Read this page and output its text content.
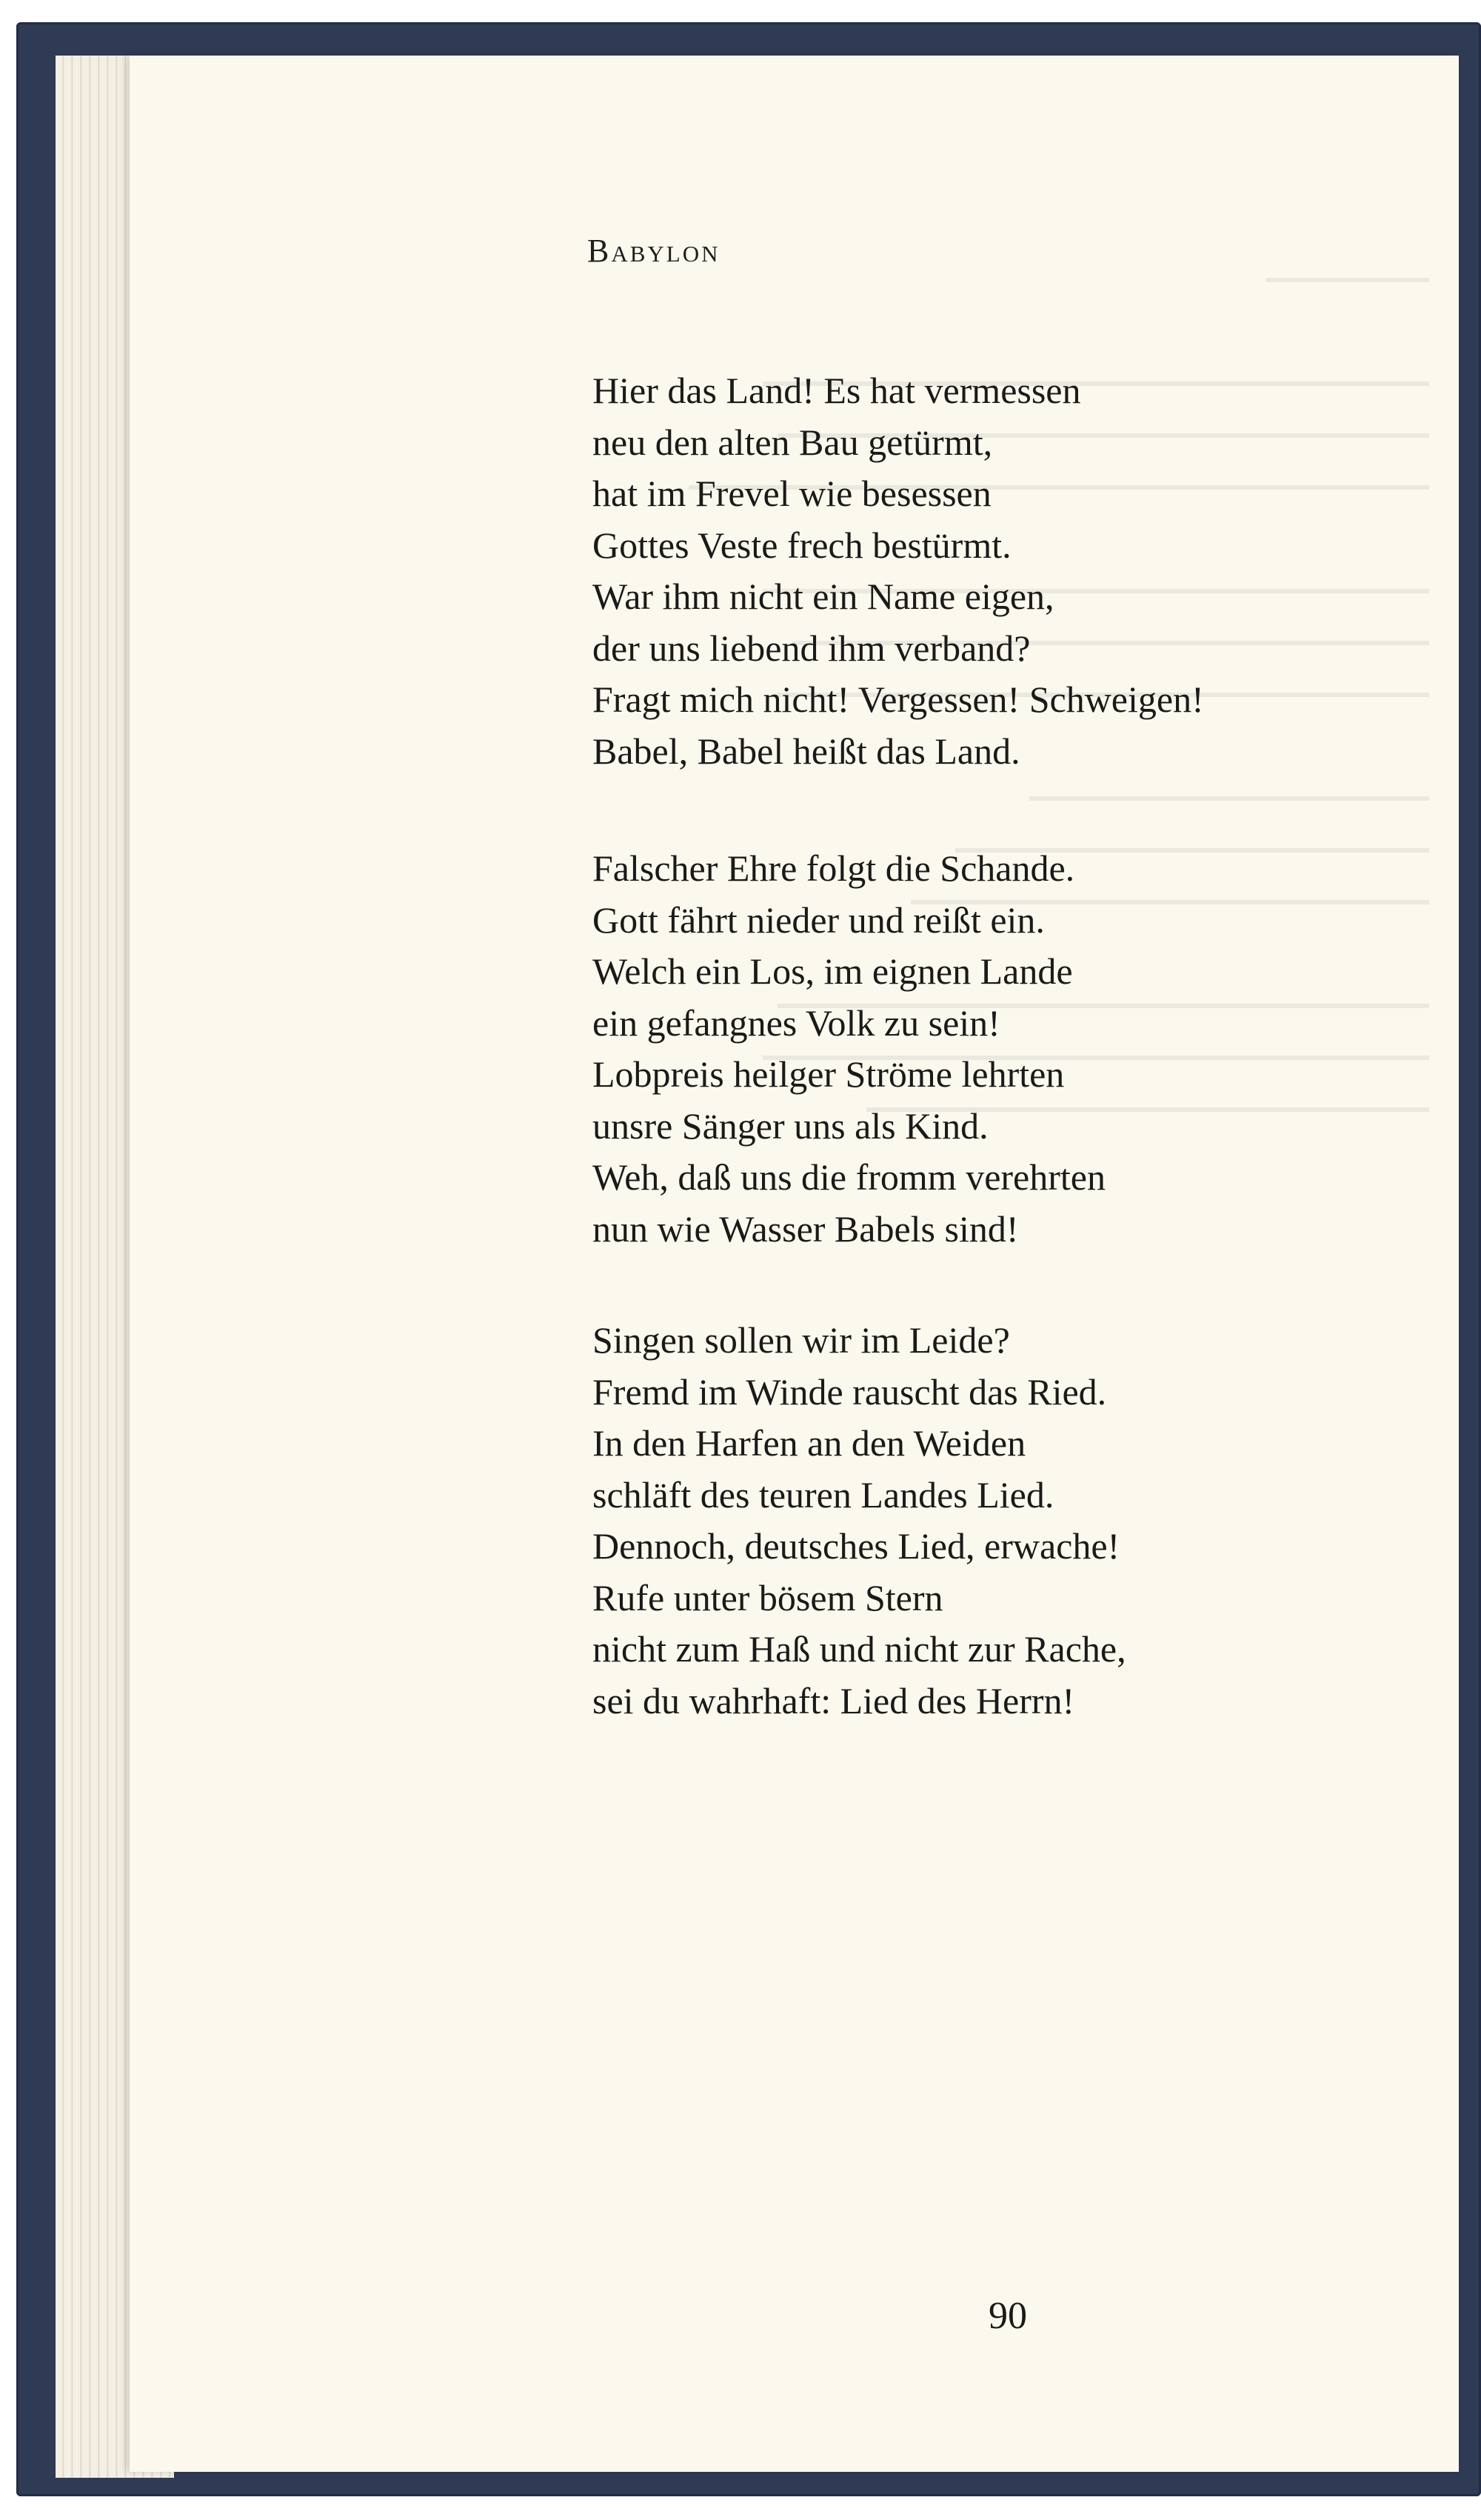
Babylon
Hier das Land! Es hat vermessen
neu den alten Bau getürmt,
hat im Frevel wie besessen
Gottes Veste frech bestürmt.
War ihm nicht ein Name eigen,
der uns liebend ihm verband?
Fragt mich nicht! Vergessen! Schweigen!
Babel, Babel heißt das Land.
Falscher Ehre folgt die Schande.
Gott fährt nieder und reißt ein.
Welch ein Los, im eignen Lande
ein gefangnes Volk zu sein!
Lobpreis heilger Ströme lehrten
unsre Sänger uns als Kind.
Weh, daß uns die fromm verehrten
nun wie Wasser Babels sind!
Singen sollen wir im Leide?
Fremd im Winde rauscht das Ried.
In den Harfen an den Weiden
schläft des teuren Landes Lied.
Dennoch, deutsches Lied, erwache!
Rufe unter bösem Stern
nicht zum Haß und nicht zur Rache,
sei du wahrhaft: Lied des Herrn!
90
